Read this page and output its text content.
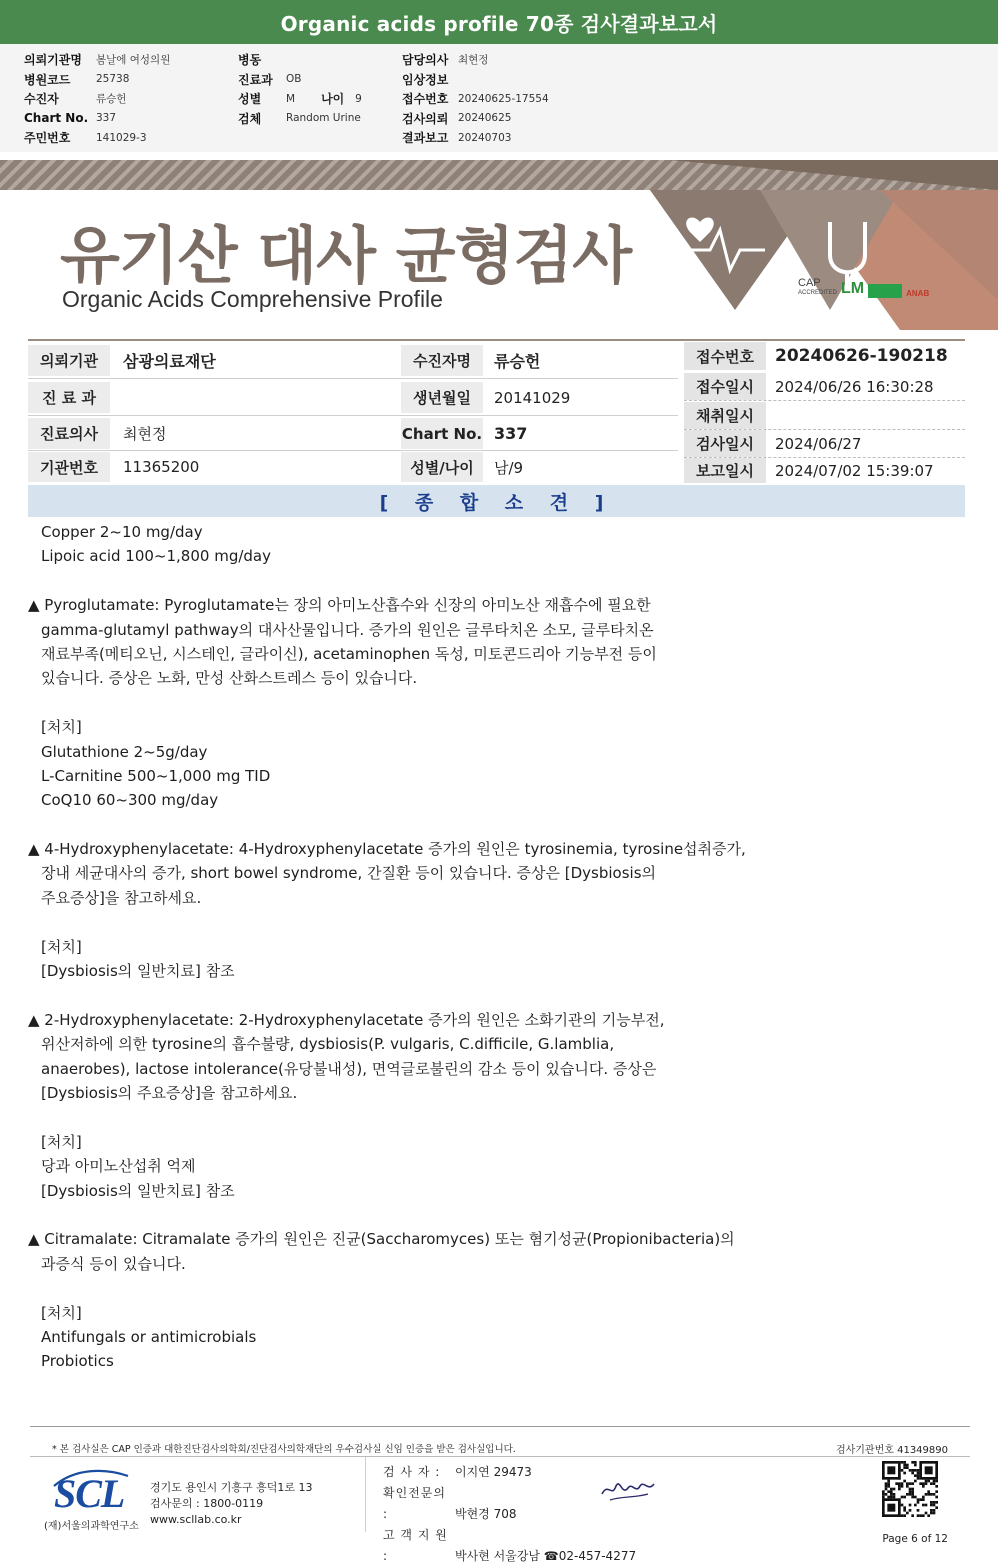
Organic acids profile 70종 검사결과보고서
의뢰기관명	봄날에 여성의원
병원코드	25738
수진자	류승헌
Chart No. 337
주민번호	141029-3
병동
진료과	OB
성별	M 나이	9
검체	Random Urine
담당의사 최현정
임상정보
접수번호 20240625-17554
검사의뢰 20240625
결과보고 20240703
유기산 대사 균형검사
Organic Acids Comprehensive Profile
CAP
ACCREDITED LM	ANAB
의뢰기관	삼광의료재단
진 료 과
진료의사	최현정
기관번호	11365200
수진자명	류승헌
생년월일	20141029
Chart No. 337
성별/나이	남/9
접수번호	20240626-190218
접수일시	2024/06/26 16:30:28
채취일시
검사일시	2024/06/27
보고일시	2024/07/02 15:39:07
[ 종 합 소 견 ]
Copper 2~10 mg/day
Lipoic acid 100~1,800 mg/day
▲ Pyroglutamate: Pyroglutamate는 장의 아미노산흡수와 신장의 아미노산 재흡수에 필요한
gamma-glutamyl pathway의 대사산물입니다. 증가의 원인은 글루타치온 소모, 글루타치온
재료부족(메티오닌, 시스테인, 글라이신), acetaminophen 독성, 미토콘드리아 기능부전 등이
있습니다. 증상은 노화, 만성 산화스트레스 등이 있습니다.
[처치]
Glutathione 2~5g/day
L-Carnitine 500~1,000 mg TID
CoQ10 60~300 mg/day
▲ 4-Hydroxyphenylacetate: 4-Hydroxyphenylacetate 증가의 원인은 tyrosinemia, tyrosine섭취증가,
장내 세균대사의 증가, short bowel syndrome, 간질환 등이 있습니다. 증상은 [Dysbiosis의
주요증상]을 참고하세요.
[처치]
[Dysbiosis의 일반치료] 참조
▲ 2-Hydroxyphenylacetate: 2-Hydroxyphenylacetate 증가의 원인은 소화기관의 기능부전,
위산저하에 의한 tyrosine의 흡수불량, dysbiosis(P. vulgaris, C.difficile, G.lamblia,
anaerobes), lactose intolerance(유당불내성), 면역글로불린의 감소 등이 있습니다. 증상은
[Dysbiosis의 주요증상]을 참고하세요.
[처치]
당과 아미노산섭취 억제
[Dysbiosis의 일반치료] 참조
▲ Citramalate: Citramalate 증가의 원인은 진균(Saccharomyces) 또는 혐기성균(Propionibacteria)의
과증식 등이 있습니다.
[처치]
Antifungals or antimicrobials
Probiotics
* 본 검사실은 CAP 인증과 대한진단검사의학회/진단검사의학재단의 우수검사실 신임 인증을 받은 검사실입니다.	검사기관번호 41349890
SCL
(재)서울의과학연구소
경기도 용인시 기흥구 흥덕1로 13
검사문의 : 1800-0119
www.scllab.co.kr
검 사 자 : 이지연 29473
확인전문의 :	박현경 708
고 객 지 원 :	박사현 서울강남 ☎02-457-4277
Page 6 of 12
